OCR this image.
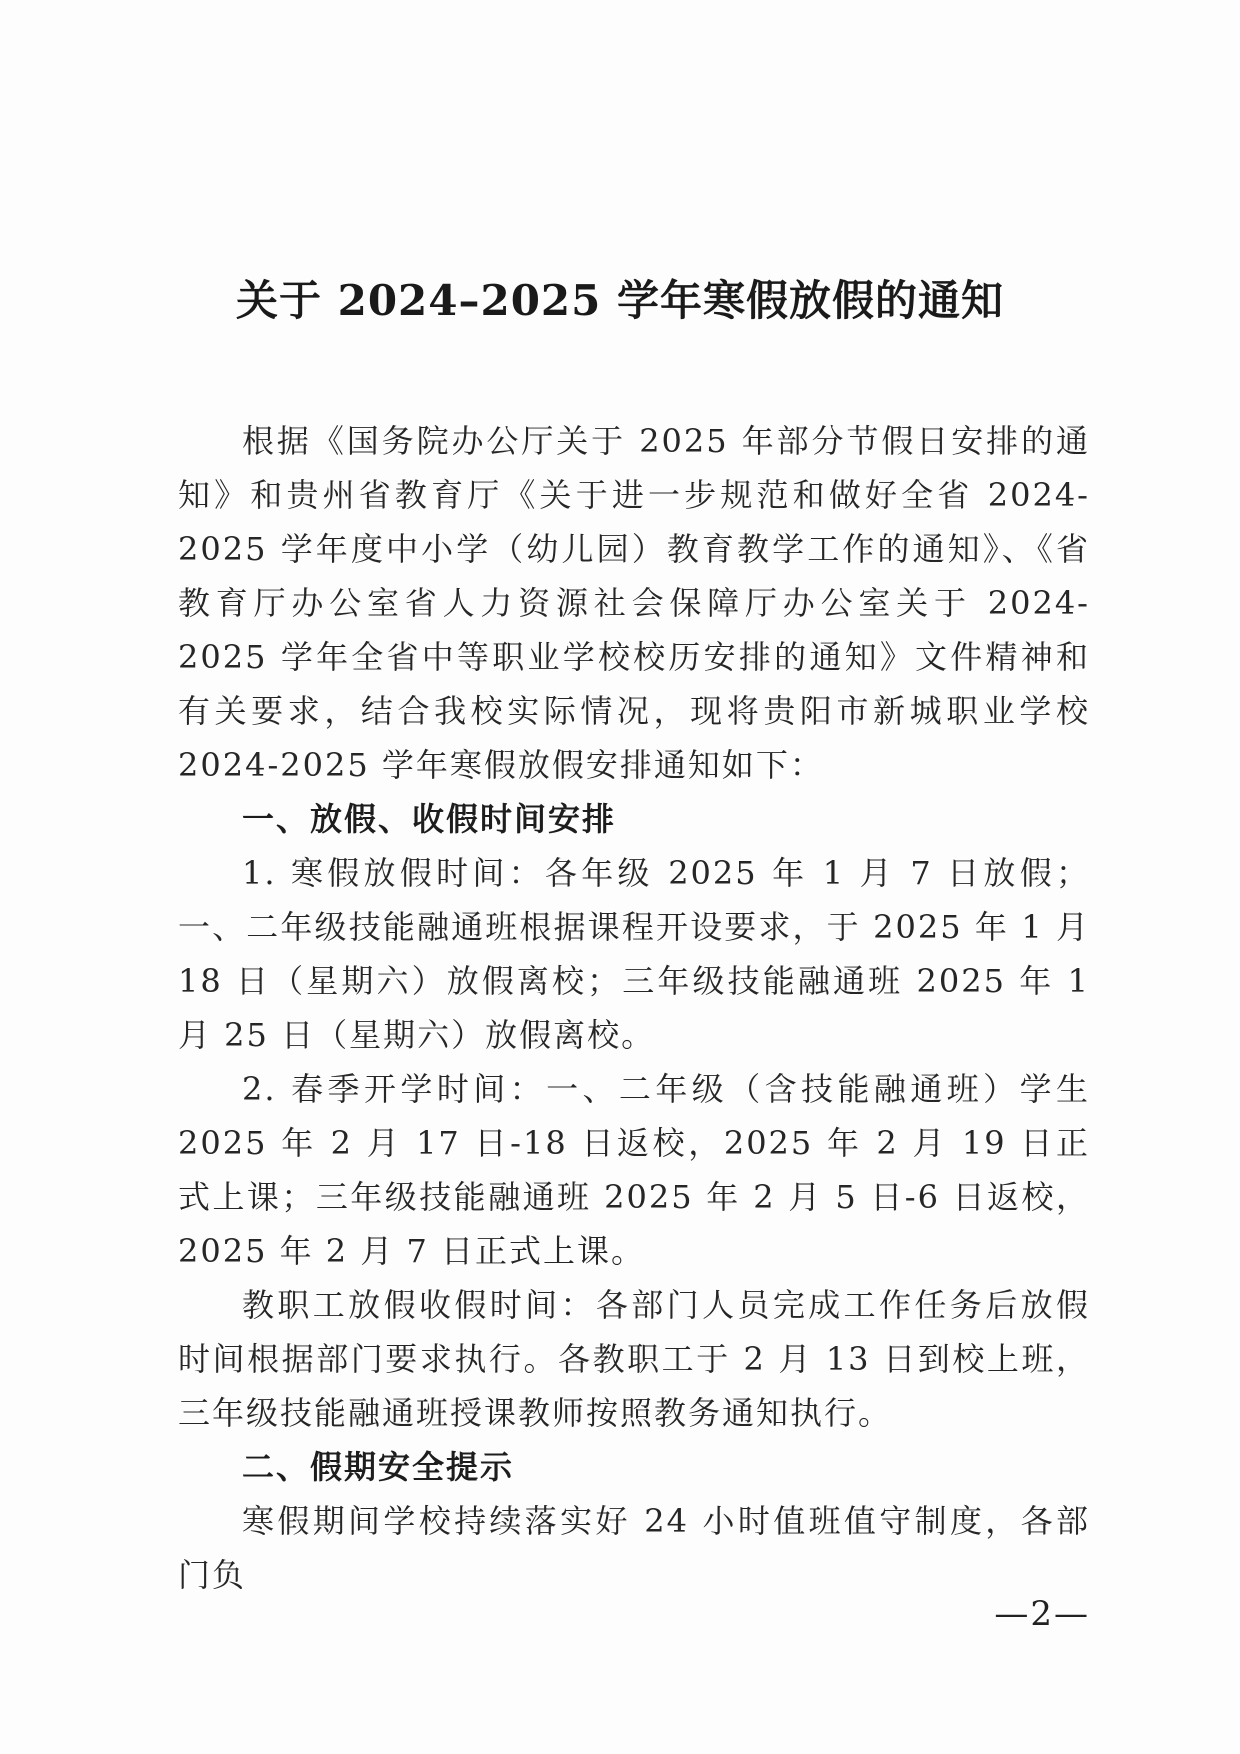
关于 2024–2025 学年寒假放假的通知

根据《国务院办公厅关于 2025 年部分节假日安排的通知》和贵州省教育厅《关于进一步规范和做好全省 2024-2025 学年度中小学（幼儿园）教育教学工作的通知》、《省教育厅办公室省人力资源社会保障厅办公室关于 2024-2025 学年全省中等职业学校校历安排的通知》文件精神和有关要求，结合我校实际情况，现将贵阳市新城职业学校 2024-2025 学年寒假放假安排通知如下：

一、放假、收假时间安排

1. 寒假放假时间：各年级 2025 年 1 月 7 日放假；一、二年级技能融通班根据课程开设要求，于 2025 年 1 月 18 日（星期六）放假离校；三年级技能融通班 2025 年 1 月 25 日（星期六）放假离校。

2. 春季开学时间：一、二年级（含技能融通班）学生 2025 年 2 月 17 日-18 日返校，2025 年 2 月 19 日正式上课；三年级技能融通班 2025 年 2 月 5 日-6 日返校，2025 年 2 月 7 日正式上课。

教职工放假收假时间：各部门人员完成工作任务后放假时间根据部门要求执行。各教职工于 2 月 13 日到校上班，三年级技能融通班授课教师按照教务通知执行。

二、假期安全提示

寒假期间学校持续落实好 24 小时值班值守制度，各部门负

—2—
